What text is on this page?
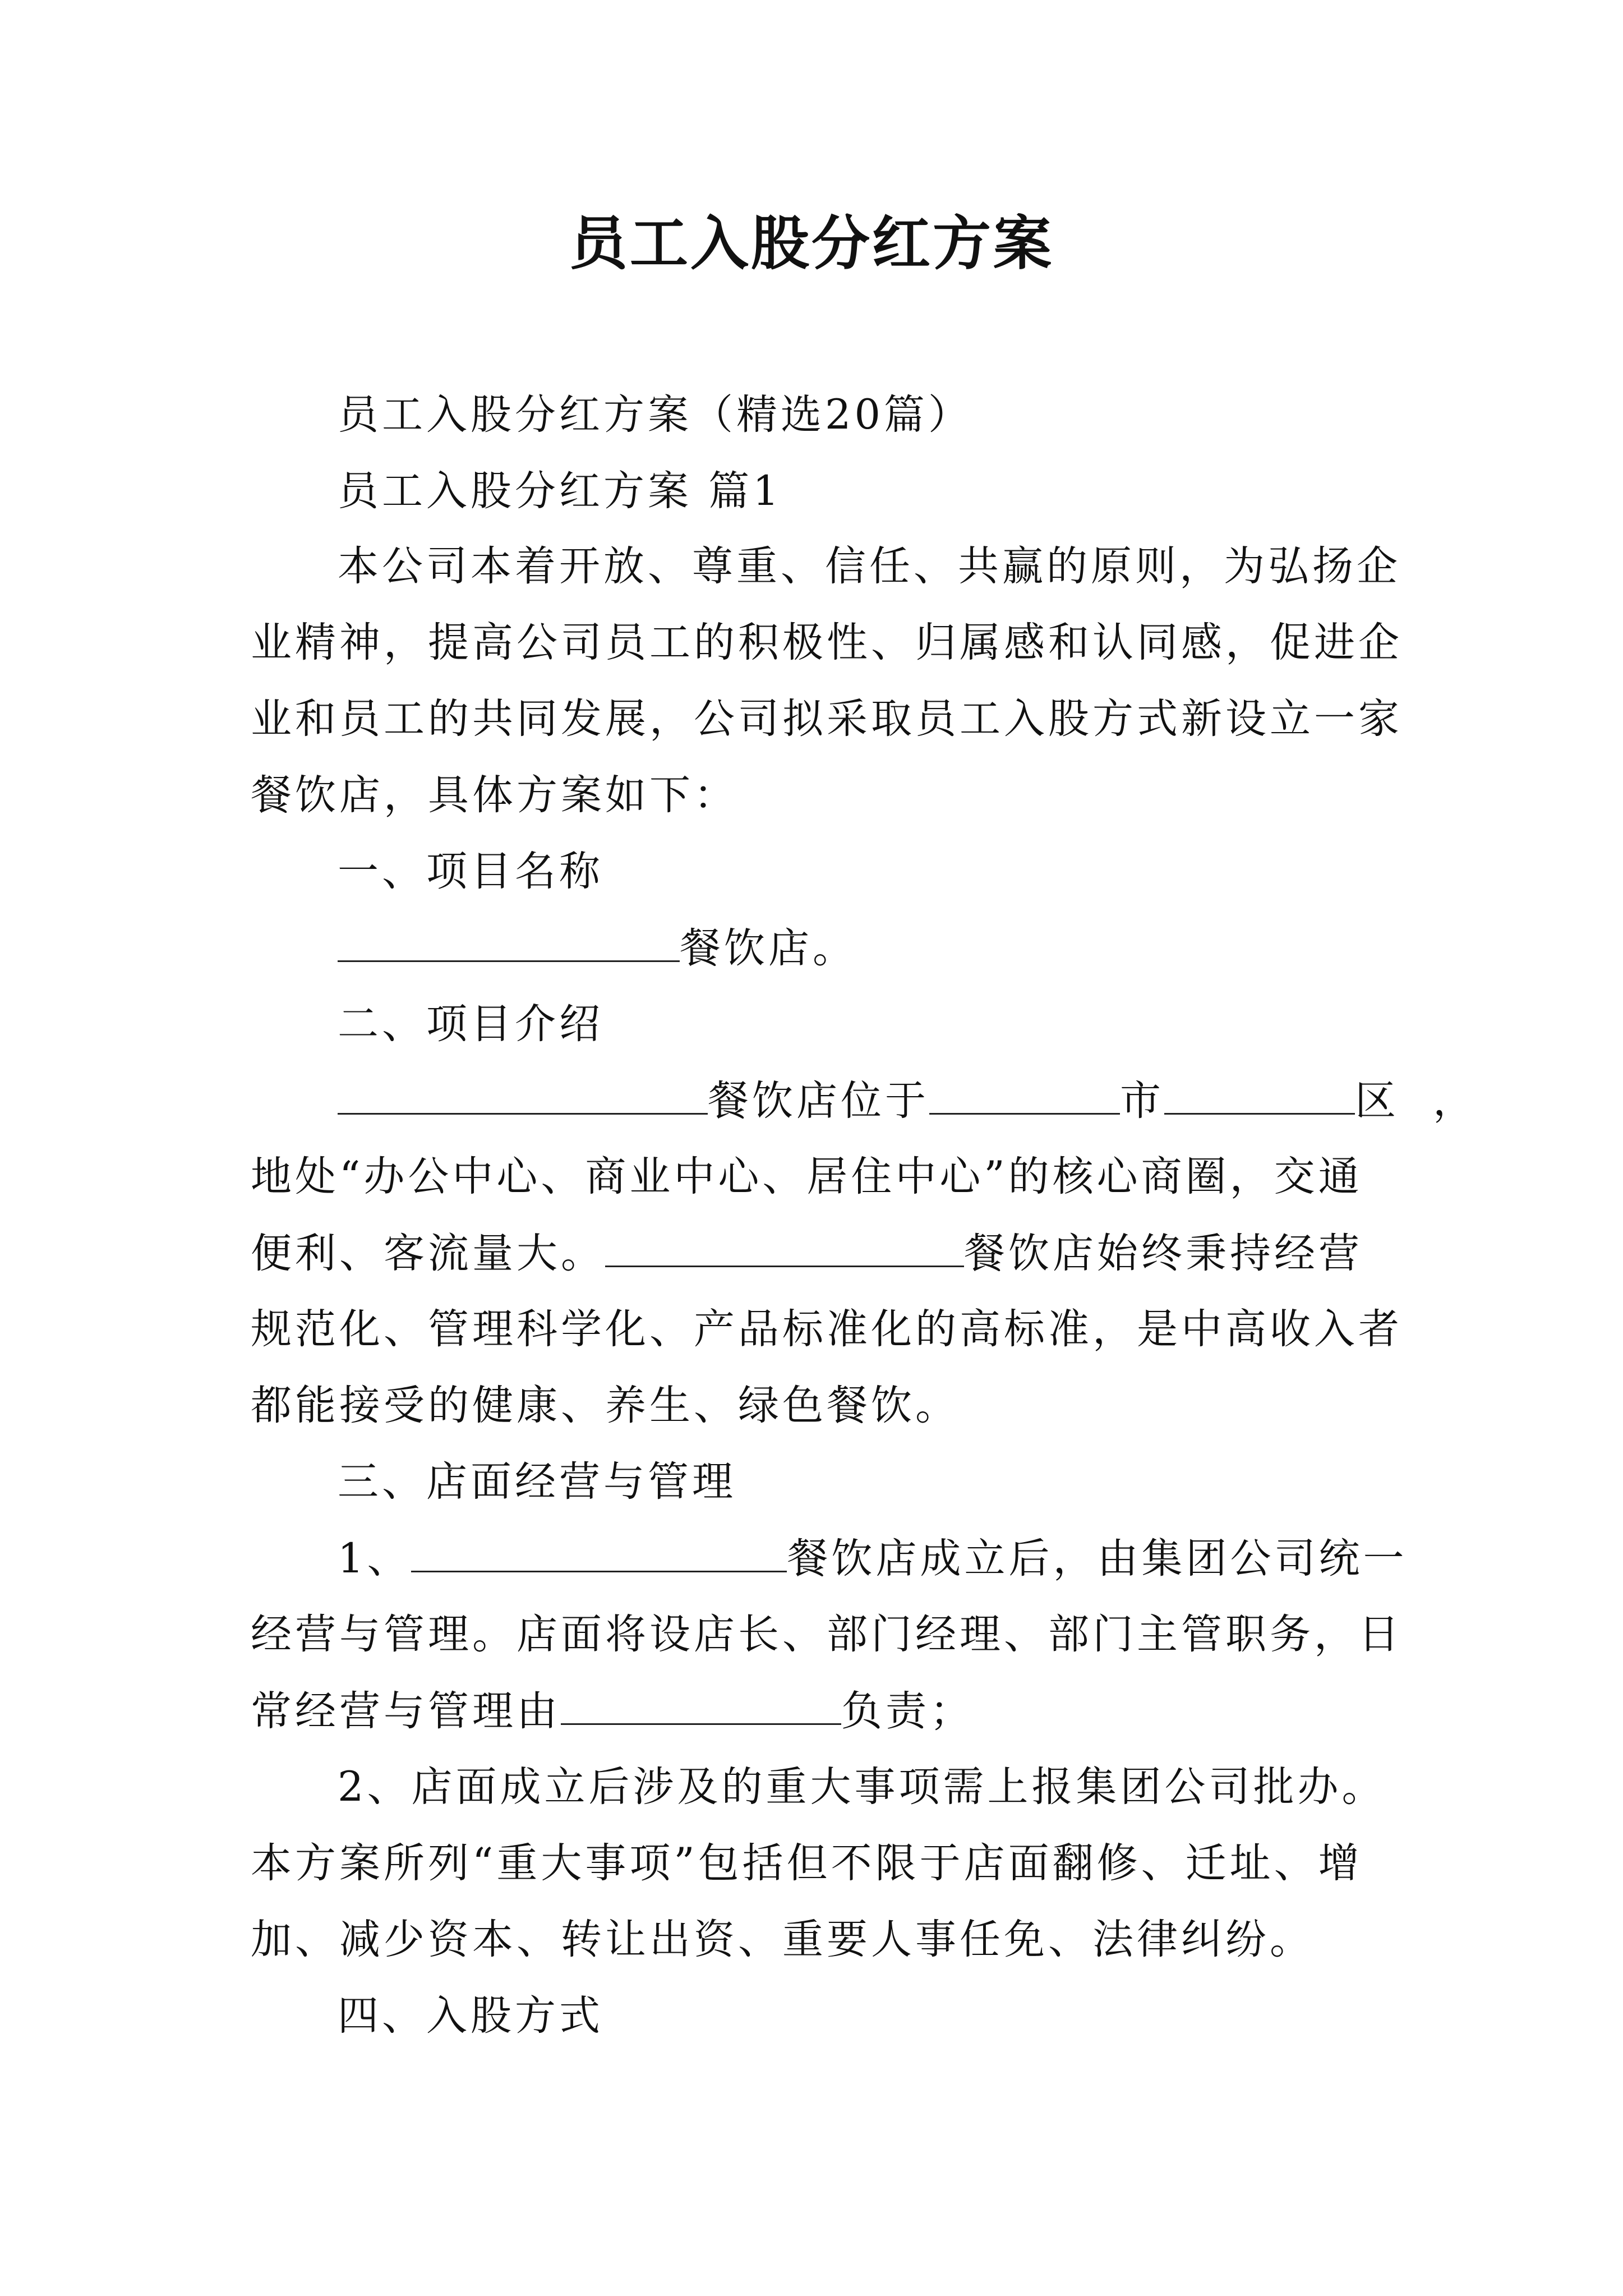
员工入股分红方案
员工入股分红方案（精选20篇）
员工入股分红方案 篇1
本公司本着开放、尊重、信任、共赢的原则，为弘扬企
业精神，提高公司员工的积极性、归属感和认同感，促进企
业和员工的共同发展，公司拟采取员工入股方式新设立一家
餐饮店，具体方案如下：
一、项目名称
餐饮店。
二、项目介绍
餐饮店位于	市	区 ，
地处“办公中心、商业中心、居住中心”的核心商圈，交通
便利、客流量大。	餐饮店始终秉持经营
规范化、管理科学化、产品标准化的高标准，是中高收入者
都能接受的健康、养生、绿色餐饮。
三、店面经营与管理
1、	餐饮店成立后，由集团公司统一
经营与管理。店面将设店长、部门经理、部门主管职务，日
常经营与管理由	负责；
2、店面成立后涉及的重大事项需上报集团公司批办。
本方案所列“重大事项”包括但不限于店面翻修、迁址、增
加、减少资本、转让出资、重要人事任免、法律纠纷。
四、入股方式
